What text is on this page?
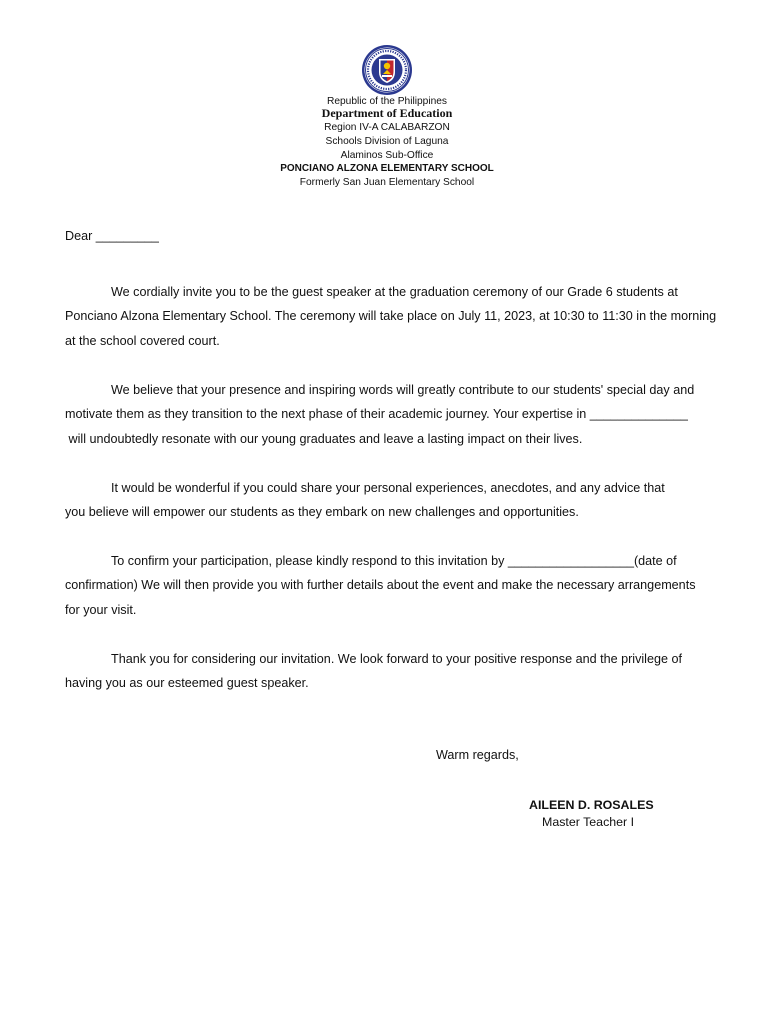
Republic of the Philippines
Department of Education
Region IV-A CALABARZON
Schools Division of Laguna
Alaminos Sub-Office
PONCIANO ALZONA ELEMENTARY SCHOOL
Formerly San Juan Elementary School
Dear _________
We cordially invite you to be the guest speaker at the graduation ceremony of our Grade 6 students at
Ponciano Alzona Elementary School. The ceremony will take place on July 11, 2023, at 10:30 to 11:30 in the morning
at the school covered court.
We believe that your presence and inspiring words will greatly contribute to our students' special day and
motivate them as they transition to the next phase of their academic journey. Your expertise in ______________
will undoubtedly resonate with our young graduates and leave a lasting impact on their lives.
It would be wonderful if you could share your personal experiences, anecdotes, and any advice that
you believe will empower our students as they embark on new challenges and opportunities.
To confirm your participation, please kindly respond to this invitation by __________________(date of
confirmation) We will then provide you with further details about the event and make the necessary arrangements
for your visit.
Thank you for considering our invitation. We look forward to your positive response and the privilege of
having you as our esteemed guest speaker.
Warm regards,
AILEEN D. ROSALES
Master Teacher I
